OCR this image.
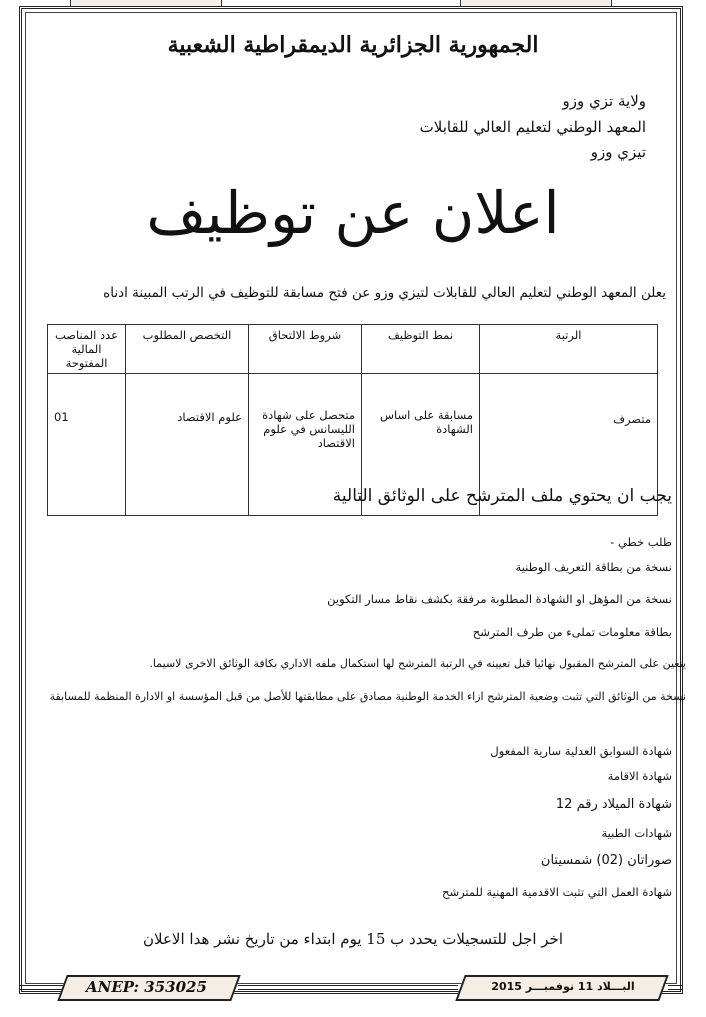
الجمهورية الجزائرية الديمقراطية الشعبية
ولاية تزي وزو
المعهد الوطني لتعليم العالي للقابلات
تيزي وزو
اعلان عن توظيف
يعلن المعهد الوطني لتعليم العالي للقابلات لتيزي وزو عن فتح مسابقة للتوظيف في الرتب المبينة ادناه
الرتبة	نمط التوظيف	شروط الالتحاق	التخصص المطلوب	عدد المناصب المالية المفتوحة
متصرف	مسابقة على اساس الشهادة	متحصل على شهادة الليسانس في علوم الاقتصاد	علوم الاقتصاد	01
يجب ان يحتوي ملف المترشح على الوثائق التالية
طلب خطي -
نسخة من بطاقة التعريف الوطنية
نسخة من المؤهل او الشهادة المطلوبة مرفقة بكشف نقاط مسار التكوين
بطاقة معلومات تملىء من طرف المترشح
يتعين على المترشح المقبول نهائيا قبل تعيينه في الرتبة المترشح لها استكمال ملفه الاداري بكافة الوثائق الاخرى لاسيما.
نسخة من الوثائق التي تثبت وضعية المترشح ازاء الخدمة الوطنية مصادق على مطابقتها للأصل من قبل المؤسسة او الادارة المنظمة للمسابقة
شهادة السوابق العدلية سارية المفعول
شهادة الاقامة
شهادة الميلاد رقم 12
شهادات الطبية
صوراتان (02) شمسيتان
شهادة العمل التي تثبت الاقدمية المهنية للمترشح
اخر اجل للتسجيلات يحدد ب 15 يوم ابتداء من تاريخ نشر هدا الاعلان
ANEP: 353025	البـــلاد 11 نوفمبـــر 2015
